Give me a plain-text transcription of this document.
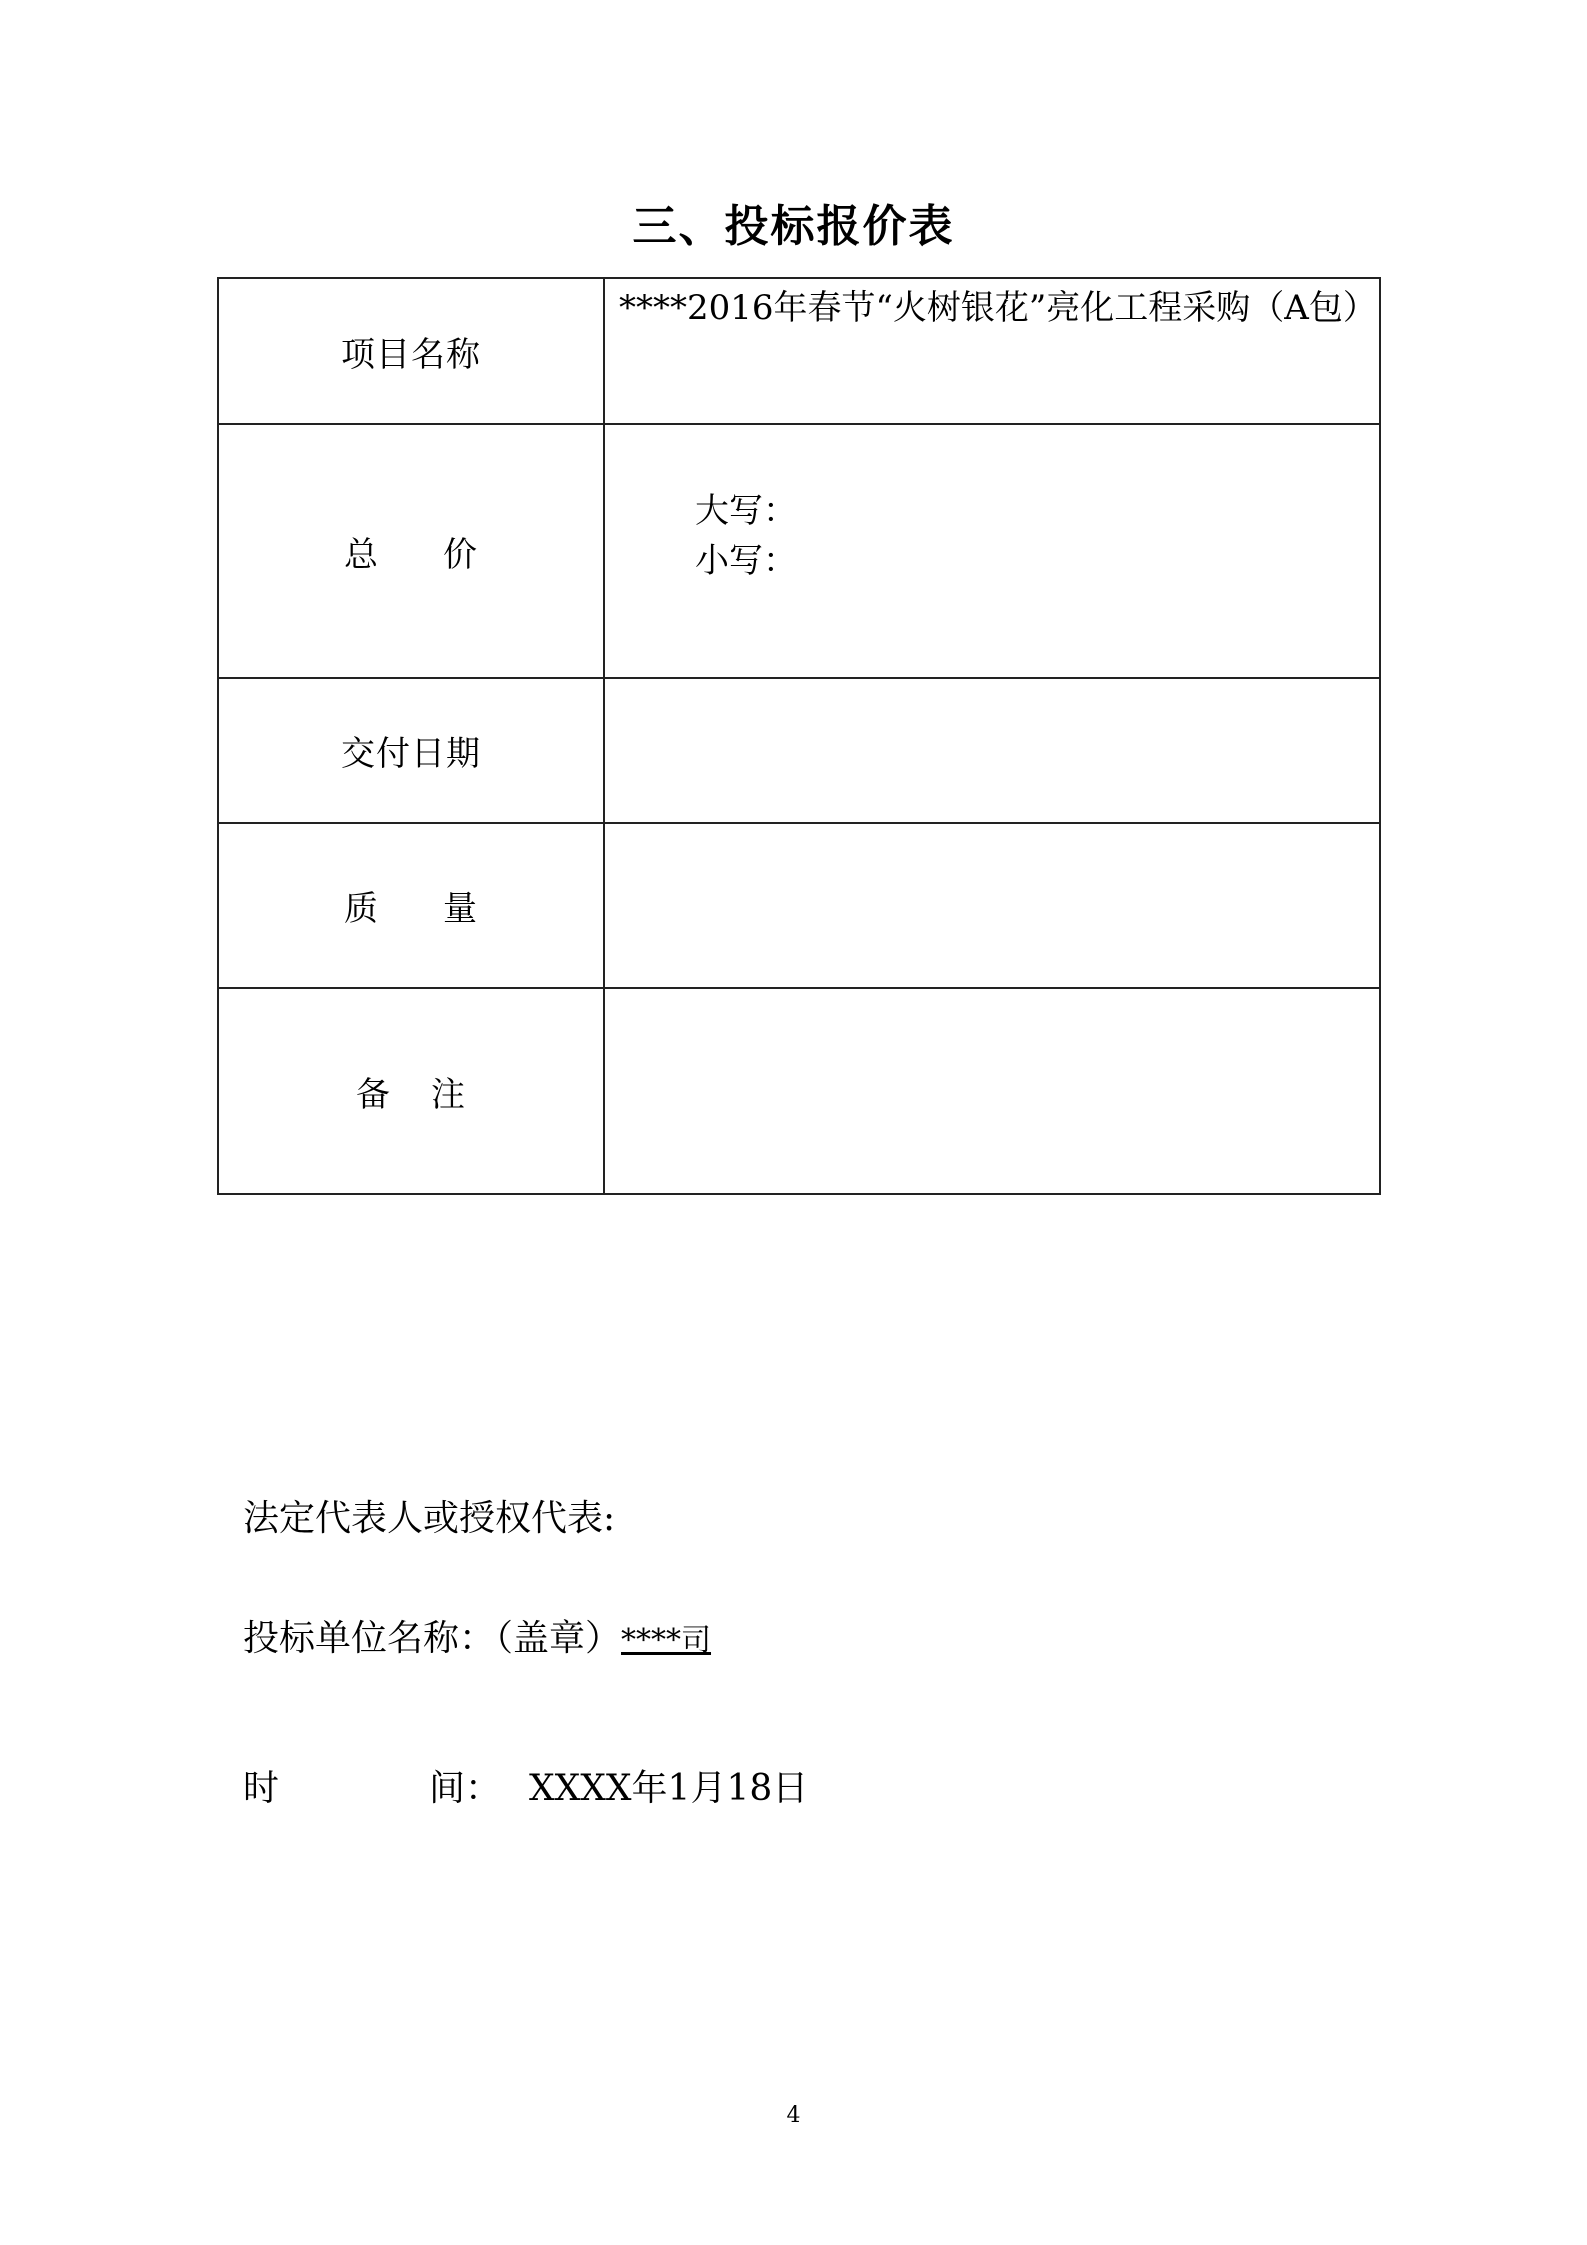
三、投标报价表
项目名称	****2016年春节“火树银花”亮化工程采购（A包）
总 价	大写：
小写：

交付日期	
质 量	
备 注	
法定代表人或授权代表:
投标单位名称：（盖章）****司
时	间： XXXX年1月18日
4
